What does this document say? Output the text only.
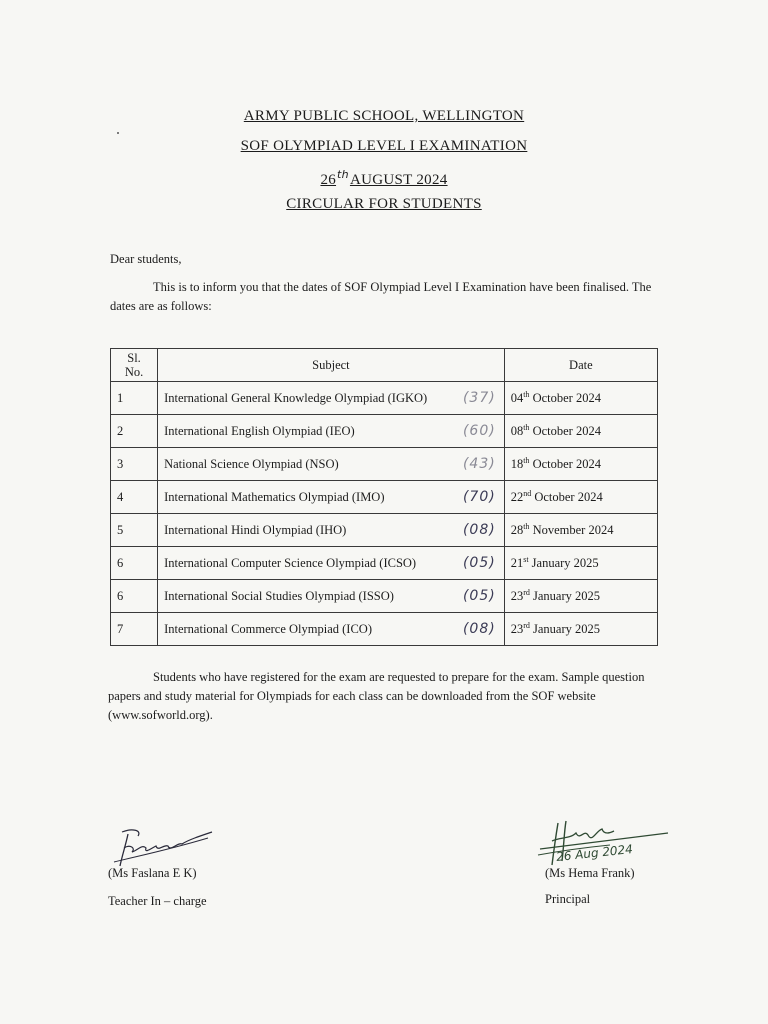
ARMY PUBLIC SCHOOL, WELLINGTON
SOF OLYMPIAD LEVEL I EXAMINATION
26thAUGUST 2024
CIRCULAR FOR STUDENTS
Dear students,
This is to inform you that the dates of SOF Olympiad Level I Examination have been finalised. The dates are as follows:
Sl. No.	Subject	Date
1	International General Knowledge Olympiad (IGKO) (37)	04th October 2024
2	International English Olympiad (IEO) (60)	08th October 2024
3	National Science Olympiad (NSO) (43)	18th October 2024
4	International Mathematics Olympiad (IMO) (70)	22nd October 2024
5	International Hindi Olympiad (IHO) (08)	28th November 2024
6	International Computer Science Olympiad (ICSO) (05)	21st January 2025
6	International Social Studies Olympiad (ISSO) (05)	23rd January 2025
7	International Commerce Olympiad (ICO) (08)	23rd January 2025
Students who have registered for the exam are requested to prepare for the exam. Sample question papers and study material for Olympiads for each class can be downloaded from the SOF website (www.sofworld.org).
(Ms Faslana E K)
Teacher In – charge
26 Aug 2024
(Ms Hema Frank)
Principal
